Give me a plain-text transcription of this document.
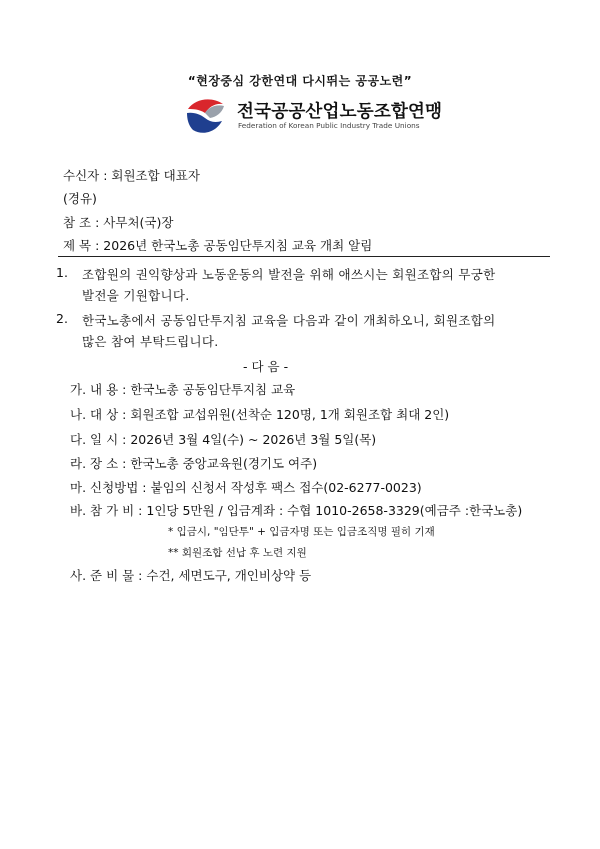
“현장중심 강한연대 다시뛰는 공공노련”
전국공공산업노동조합연맹
Federation of Korean Public Industry Trade Unions
수신자 : 회원조합 대표자
(경유)
참 조 : 사무처(국)장
제 목 : 2026년 한국노총 공동임단투지침 교육 개최 알림
1. 조합원의 권익향상과 노동운동의 발전을 위해 애쓰시는 회원조합의 무궁한
발전을 기원합니다.
2. 한국노총에서 공동임단투지침 교육을 다음과 같이 개최하오니, 회원조합의
많은 참여 부탁드립니다.
- 다 음 -
가. 내 용 : 한국노총 공동임단투지침 교육
나. 대 상 : 회원조합 교섭위원(선착순 120명, 1개 회원조합 최대 2인)
다. 일 시 : 2026년 3월 4일(수) ~ 2026년 3월 5일(목)
라. 장 소 : 한국노총 중앙교육원(경기도 여주)
마. 신청방법 : 붙임의 신청서 작성후 팩스 접수(02-6277-0023)
바. 참 가 비 : 1인당 5만원 / 입금계좌 : 수협 1010-2658-3329(예금주 :한국노총)
* 입금시, "임단투" + 입금자명 또는 입금조직명 필히 기재
** 회원조합 선납 후 노련 지원
사. 준 비 물 : 수건, 세면도구, 개인비상약 등
